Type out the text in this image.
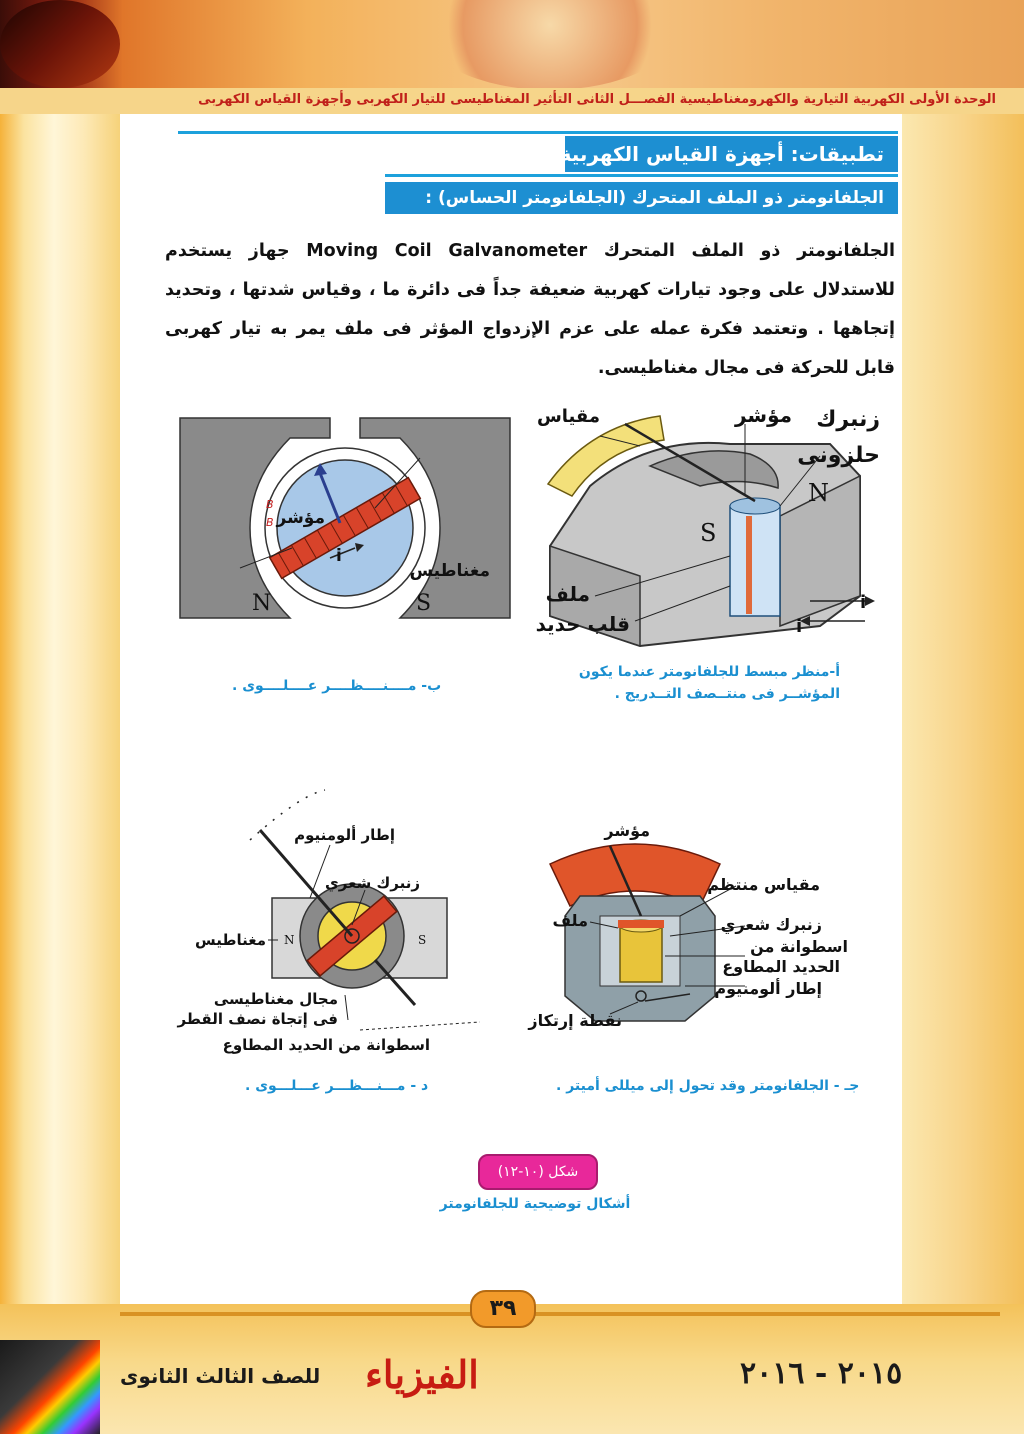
الوحدة الأولى الكهربية التيارية والكهرومغناطيسية الفصـــل الثانى التأثير المغناطيسى للتيار الكهربى وأجهزة القياس الكهربى
تطبيقات: أجهزة القياس الكهربية
الجلفانومتر ذو الملف المتحرك (الجلفانومتر الحساس) :
الجلفانومتر ذو الملف المتحرك Moving Coil Galvanometer جهاز يستخدم للاستدلال على وجود تيارات كهربية ضعيفة جداً فى دائرة ما ، وقياس شدتها ، وتحديد إتجاهها . وتعتمد فكرة عمله على عزم الإزدواج المؤثر فى ملف يمر به تيار كهربى قابل للحركة فى مجال مغناطيسى.
مقياس	مؤشر زنبرك
حلزونى
ملف
قلب حديد
N
S
i
i
أ-منظر مبسط للجلفانومتر عندما يكون
المؤشــر فى منتــصف التــدريج .
مؤشر
مغناطيس
N	S
i
B
B
ب- مــــنــــظــــر عــــلــــوى .
مؤشر
مقياس منتظم
ملف	زنبرك شعري
اسطوانة من
الحديد المطاوع
إطار ألومنيوم
نقطة إرتكاز
جـ - الجلفانومتر وقد تحول إلى ميللى أميتر .
إطار ألومنيوم
زنبرك شعري
مغناطيس N	S
مجال مغناطيسى
فى إتجاة نصف القطر
اسطوانة من الحديد المطاوع
د - مـــنـــظـــر عـــلـــوى .
شكل (١٠-١٢)
أشكال توضيحية للجلفانومتر
٣٩
الفيزياء
للصف الثالث الثانوى	٢٠١٥ - ٢٠١٦
